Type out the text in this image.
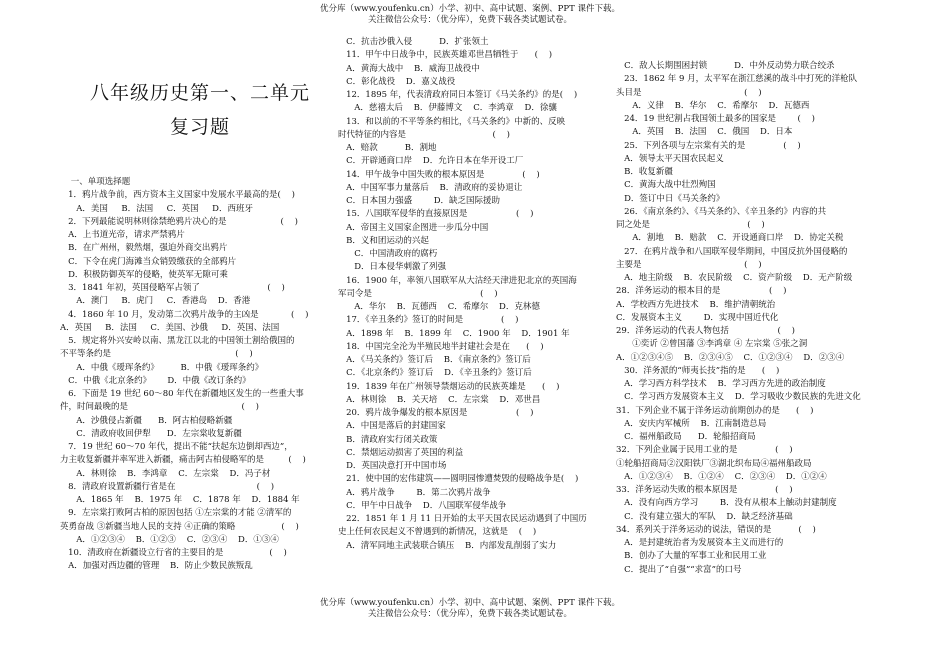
优分库（www.youfenku.cn）小学、初中、高中试题、案例、PPT 课件下载。
关注微信公众号：（优分库），免费下载各类试题试卷。
八年级历史第一、二单元
复习题
一、单项选择题
1．鸦片战争前，西方资本主义国家中发展水平最高的是(    )
A．美国     B．法国     C．英国     D．西班牙
2．下列最能说明林则徐禁绝鸦片决心的是                    (    )
A．上书道光帝，请求严禁鸦片
B．在广州州，毅然烟，强迫外商交出鸦片
C．下令在虎门海滩当众销毁缴获的全部鸦片
D．积极防御英军的侵略，使英军无隙可乘
3．1841 年初，英国侵略军占领了                         (    )
A．澳门     B．虎门     C．香港岛    D．香港
4．1860 年 10 月，发动第二次鸦片战争的主凶是            (    )
A．英国     B．法国     C．美国、沙俄     D．英国、法国
5．规定将外兴安岭以南、黑龙江以北的中国领土割给俄国的
不平等条约是                                              (    )
A．中俄《瑷珲条约》        B．中俄《瑷珲条约》
C．中俄《北京条约》      D．中俄《改订条约》
6．下面是 19 世纪 60～80 年代在新疆地区发生的一些重大事
件，时间最晚的是                                          (    )
A．沙俄侵占新疆      B．阿古柏侵略新疆
C．清政府收回伊犁      D．左宗棠收复新疆
7．19 世纪 60～70 年代，提出不能“扶起东边倒却西边”，
力主收复新疆并率军进入新疆，痛击阿古柏侵略军的是         (    )
A．林则徐    B．李鸿章    C．左宗棠    D．冯子材
8．清政府设置新疆行省是在                              (    )
A．1865 年    B．1975 年    C．1878 年    D．1884 年
9．左宗棠打败阿古柏的原因包括 ①左宗棠的才能 ②清军的
英勇奋战 ③新疆当地人民的支持 ④正确的策略                 (    )
A．①②③④    B．①②③    C．②③④    D．①③④
10．清政府在新疆设立行省的主要目的是                 (    )
A．加强对西边疆的管理    B．防止少数民族叛乱
C．抗击沙俄入侵          D．扩张领土
11．甲午中日战争中，民族英雄邓世昌牺牲于      (    )
A．黄海大战中    B．威海卫战役中
C．彰化战役    D．嘉义战役
12．1895 年，代表清政府同日本签订《马关条约》的是(    )
A．慈禧太后    B．伊藤博文    C．李鸿章    D．徐骧
13．和以前的不平等条约相比，《马关条约》中新的、反映
时代特征的内容是                                (    )
A．赔款          B．割地
C．开辟通商口岸    D．允许日本在华开设工厂
14．甲午战争中国失败的根本原因是              (    )
A．中国军事力量落后    B．清政府的妥协退让
C．日本国力强盛        D．缺乏国际援助
15．八国联军侵华的直接原因是                  (    )
A．帝国主义国家企图进一步瓜分中国
B．义和团运动的兴起
C．中国清政府的腐朽
D．日本侵华刺激了列强
16．1900 年，率领八国联军从大沽经天津进犯北京的英国海
军司令是                                        (    )
A．华尔    B．瓦德西    C．希摩尔    D．克林德
17．《辛丑条约》签订的时间是              (    )
A．1898 年    B．1899 年    C．1900 年    D．1901 年
18．中国完全沦为半殖民地半封建社会是在      (    )
A．《马关条约》签订后    B．《南京条约》签订后
C．《北京条约》签订后    D．《辛丑条约》签订后
19．1839 年在广州领导禁烟运动的民族英雄是      (    )
A．林则徐    B．关天培    C．左宗棠    D．邓世昌
20．鸦片战争爆发的根本原因是                  (    )
A．中国是落后的封建国家
B．清政府实行闭关政策
C．禁烟运动损害了英国的利益
D．英国决意打开中国市场
21．使中国的宏伟建筑——圆明园惨遭焚毁的侵略战争是(    )
A．鸦片战争        B．第二次鸦片战争
C．甲午中日战争    D．八国联军侵华战争
22．1851 年 1 月 11 日开始的太平天国农民运动遇到了中国历
史上任何农民起义不曾遇到的新情况，这就是    (    )
A．清军同地主武装联合镇压    B．内部发乱削弱了实力
C．敌人长期围困封锁          D．中外反动势力联合绞杀
23．1862 年 9 月，太平军在浙江慈溪的战斗中打死的洋枪队
头目是                                      (    )
A．义律    B．华尔    C．希摩尔    D．瓦德西
24．19 世纪割占我国领土最多的国家是        (    )
A．英国    B．法国    C．俄国    D．日本
25．下列各项与左宗棠有关的是              (    )
A．领导太平天国农民起义
B．收复新疆
C．黄海大战中壮烈殉国
D．签订中日《马关条约》
26．《南京条约》、《马关条约》、《辛丑条约》内容的共
同之处是                                    (    )
A．割地    B．赔款    C．开设通商口岸    D．协定关税
27．在鸦片战争和八国联军侵华期间，中国反抗外国侵略的
主要是                                      (    )
A．地主阶级    B．农民阶级    C．资产阶级    D．无产阶级
28．洋务运动的根本目的是                  (    )
A．学校西方先进技术    B．维护清朝统治
C．发展资本主义        D．实现中国近代化
29．洋务运动的代表人物包括                  (    )
①奕䜣 ②曾国藩 ③李鸿章 ④ 左宗棠 ⑤张之洞
A．①②③④⑤    B．②③④⑤    C．①②③④    D．②③④
30．洋务派的“师夷长技”指的是      (    )
A．学习西方科学技术    B．学习西方先进的政治制度
C．学习西方发展资本主义    D．学习吸收少数民族的先进文化
31．下列企业不属于洋务运动前期创办的是      (    )
A．安庆内军械所    B．江南制造总局
C．福州船政局      D．轮船招商局
32．下列企业属于民用工业的是              (    )
①轮船招商局②汉阳铁厂③湖北织布局④福州船政局
A．①②③④    B．①②④    C．②③④    D．①②④
33．洋务运动失败的根本原因是              (    )
A．没有向西方学习        B．没有从根本上触动封建制度
C．没有建立强大的军队    D．缺乏经济基础
34．系列关于洋务运动的说法，错误的是          (    )
A．是封建统治者为发展资本主义而进行的
B．创办了大量的军事工业和民用工业
C．提出了“自强”“求富”的口号
优分库（www.youfenku.cn）小学、初中、高中试题、案例、PPT 课件下载。
关注微信公众号：（优分库），免费下载各类试题试卷。
